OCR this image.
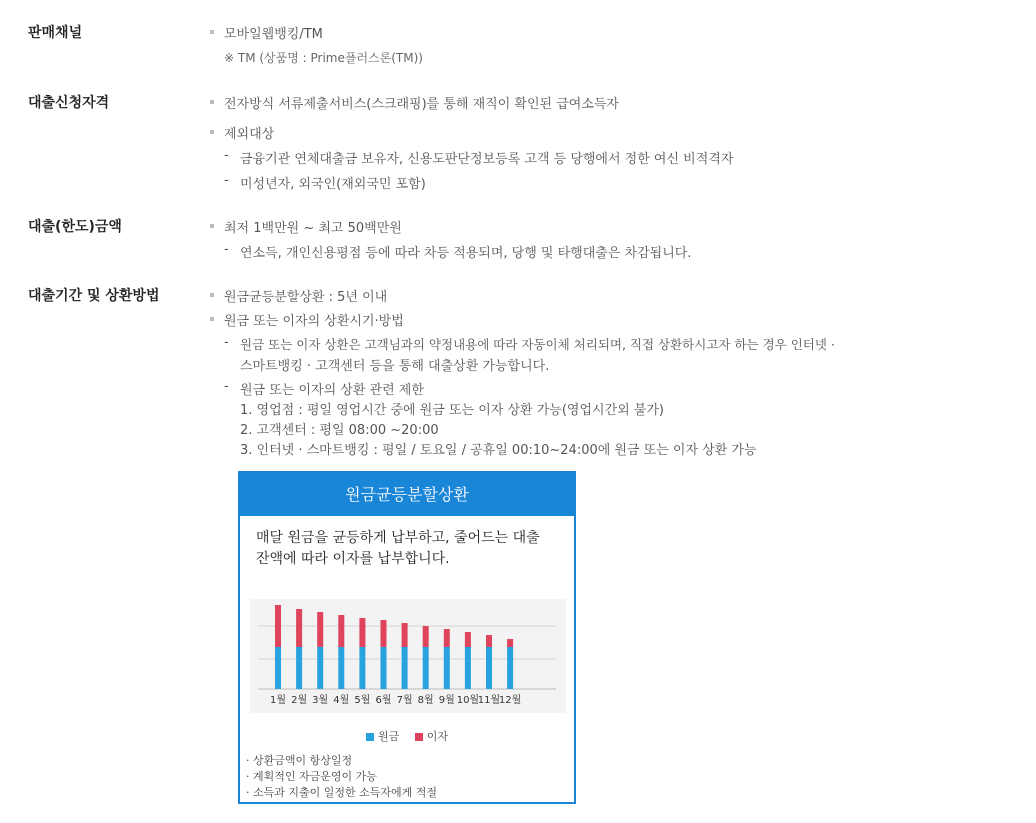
판매채널	모바일웹뱅킹/TM
※ TM (상품명 : Prime플러스론(TM))
대출신청자격	전자방식 서류제출서비스(스크래핑)를 통해 재직이 확인된 급여소득자
제외대상
- 금융기관 연체대출금 보유자, 신용도판단정보등록 고객 등 당행에서 정한 여신 비적격자
- 미성년자, 외국인(재외국민 포함)
대출(한도)금액	최저 1백만원 ~ 최고 50백만원
- 연소득, 개인신용평점 등에 따라 차등 적용되며, 당행 및 타행대출은 차감됩니다.
대출기간 및 상환방법	원금균등분할상환 : 5년 이내
원금 또는 이자의 상환시기·방법
- 원금 또는 이자 상환은 고객님과의 약정내용에 따라 자동이체 처리되며, 직접 상환하시고자 하는 경우 인터넷 ·
스마트뱅킹 · 고객센터 등을 통해 대출상환 가능합니다.
- 원금 또는 이자의 상환 관련 제한
1. 영업점 : 평일 영업시간 중에 원금 또는 이자 상환 가능(영업시간외 불가)
2. 고객센터 : 평일 08:00 ~20:00
3. 인터넷 · 스마트뱅킹 : 평일 / 토요일 / 공휴일 00:10~24:00에 원금 또는 이자 상환 가능
원금균등분할상환
매달 원금을 균등하게 납부하고, 줄어드는 대출
잔액에 따라 이자를 납부합니다.
1월 2월 3월 4월 5월 6월 7월 8월 9월 10월
11월
12월
원금	이자
· 상환금액이 항상일정
· 계획적인 자금운영이 가능
· 소득과 지출이 일정한 소득자에게 적절
